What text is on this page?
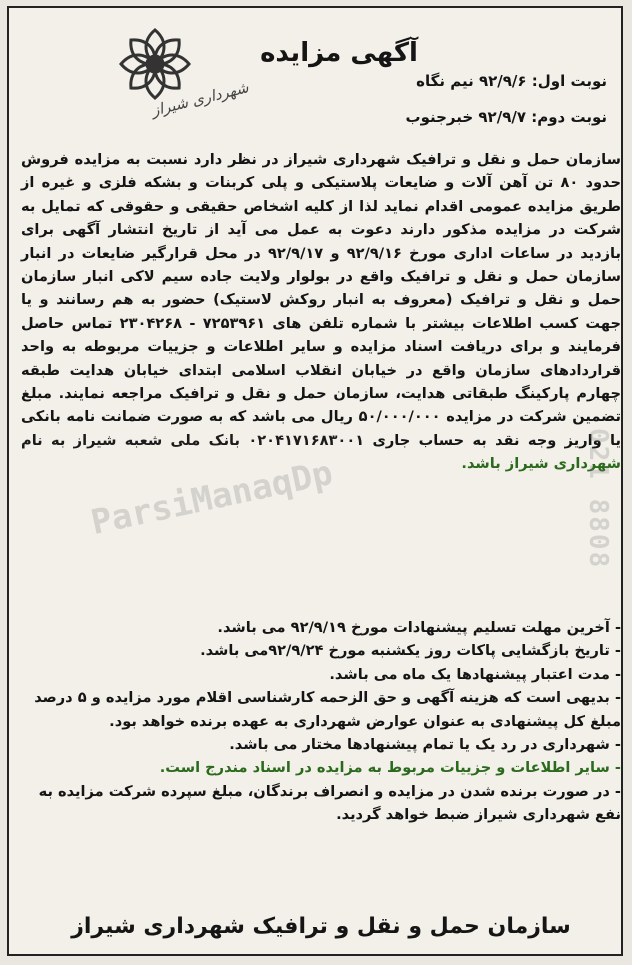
شهرداری شیراز
آگهی مزایده
نوبت اول: ۹۲/۹/۶ نیم نگاه
نوبت دوم: ۹۲/۹/۷ خبرجنوب
سازمان حمل و نقل و ترافیک شهرداری شیراز در نظر دارد نسبت به مزایده فروش حدود ۸۰ تن آهن آلات و ضایعات پلاستیکی و پلی کربنات و بشکه فلزی و غیره از طریق مزایده عمومی اقدام نماید لذا از کلیه اشخاص حقیقی و حقوقی که تمایل به شرکت در مزایده مذکور دارند دعوت به عمل می آید از تاریخ انتشار آگهی برای بازدید در ساعات اداری مورخ ۹۲/۹/۱۶ و ۹۲/۹/۱۷ در محل قرارگیر ضایعات در انبار سازمان حمل و نقل و ترافیک واقع در بولوار ولایت جاده سیم لاکی انبار سازمان حمل و نقل و ترافیک (معروف به انبار روکش لاستیک) حضور به هم رسانند و یا جهت کسب اطلاعات بیشتر با شماره تلفن های ۷۲۵۳۹۶۱ - ۲۳۰۴۲۶۸ تماس حاصل فرمایند و برای دریافت اسناد مزایده و سایر اطلاعات و جزییات مربوطه به واحد قراردادهای سازمان واقع در خیابان انقلاب اسلامی ابتدای خیابان هدایت طبقه چهارم پارکینگ طبقاتی هدایت، سازمان حمل و نقل و ترافیک مراجعه نمایند. مبلغ تضمین شرکت در مزایده ۵۰/۰۰۰/۰۰۰ ریال می باشد که به صورت ضمانت نامه بانکی یا واریز وجه نقد به حساب جاری ۰۲۰۴۱۷۱۶۸۳۰۰۱ بانک ملی شعبه شیراز به نام شهرداری شیراز باشد.
- آخرین مهلت تسلیم پیشنهادات مورخ ۹۲/۹/۱۹ می باشد.
- تاریخ بازگشایی پاکات روز یکشنبه مورخ ۹۲/۹/۲۴می باشد.
- مدت اعتبار پیشنهادها یک ماه می باشد.
- بدیهی است که هزینه آگهی و حق الزحمه کارشناسی اقلام مورد مزایده و ۵ درصد مبلغ کل پیشنهادی به عنوان عوارض شهرداری به عهده برنده خواهد بود.
- شهرداری در رد یک یا تمام پیشنهادها مختار می باشد.
- سایر اطلاعات و جزییات مربوط به مزایده در اسناد مندرج است.
- در صورت برنده شدن در مزایده و انصراف برندگان، مبلغ سپرده شرکت مزایده به نفع شهرداری شیراز ضبط خواهد گردید.
سازمان حمل و نقل و ترافیک شهرداری شیراز
021 8808
ParsiManaqDp
